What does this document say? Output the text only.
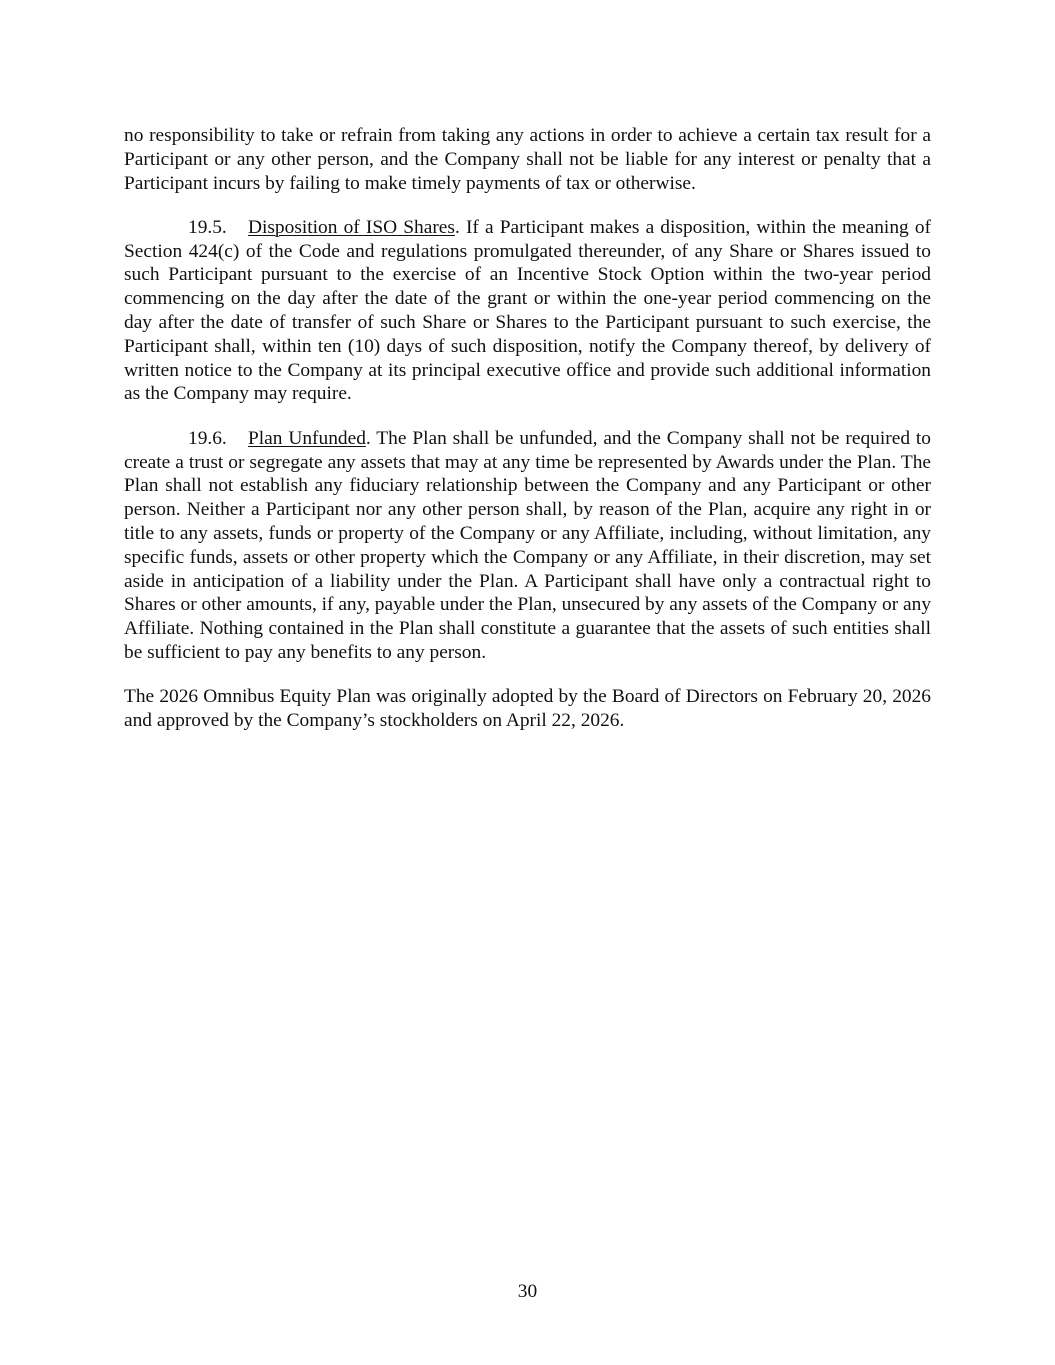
no responsibility to take or refrain from taking any actions in order to achieve a certain tax result for a Participant or any other person, and the Company shall not be liable for any interest or penalty that a Participant incurs by failing to make timely payments of tax or otherwise.

19.5. Disposition of ISO Shares. If a Participant makes a disposition, within the meaning of Section 424(c) of the Code and regulations promulgated thereunder, of any Share or Shares issued to such Participant pursuant to the exercise of an Incentive Stock Option within the two-year period commencing on the day after the date of the grant or within the one-year period commencing on the day after the date of transfer of such Share or Shares to the Participant pursuant to such exercise, the Participant shall, within ten (10) days of such disposition, notify the Company thereof, by delivery of written notice to the Company at its principal executive office and provide such additional information as the Company may require.

19.6. Plan Unfunded. The Plan shall be unfunded, and the Company shall not be required to create a trust or segregate any assets that may at any time be represented by Awards under the Plan. The Plan shall not establish any fiduciary relationship between the Company and any Participant or other person. Neither a Participant nor any other person shall, by reason of the Plan, acquire any right in or title to any assets, funds or property of the Company or any Affiliate, including, without limitation, any specific funds, assets or other property which the Company or any Affiliate, in their discretion, may set aside in anticipation of a liability under the Plan. A Participant shall have only a contractual right to Shares or other amounts, if any, payable under the Plan, unsecured by any assets of the Company or any Affiliate. Nothing contained in the Plan shall constitute a guarantee that the assets of such entities shall be sufficient to pay any benefits to any person.

The 2026 Omnibus Equity Plan was originally adopted by the Board of Directors on February 20, 2026 and approved by the Company’s stockholders on April 22, 2026.

30
